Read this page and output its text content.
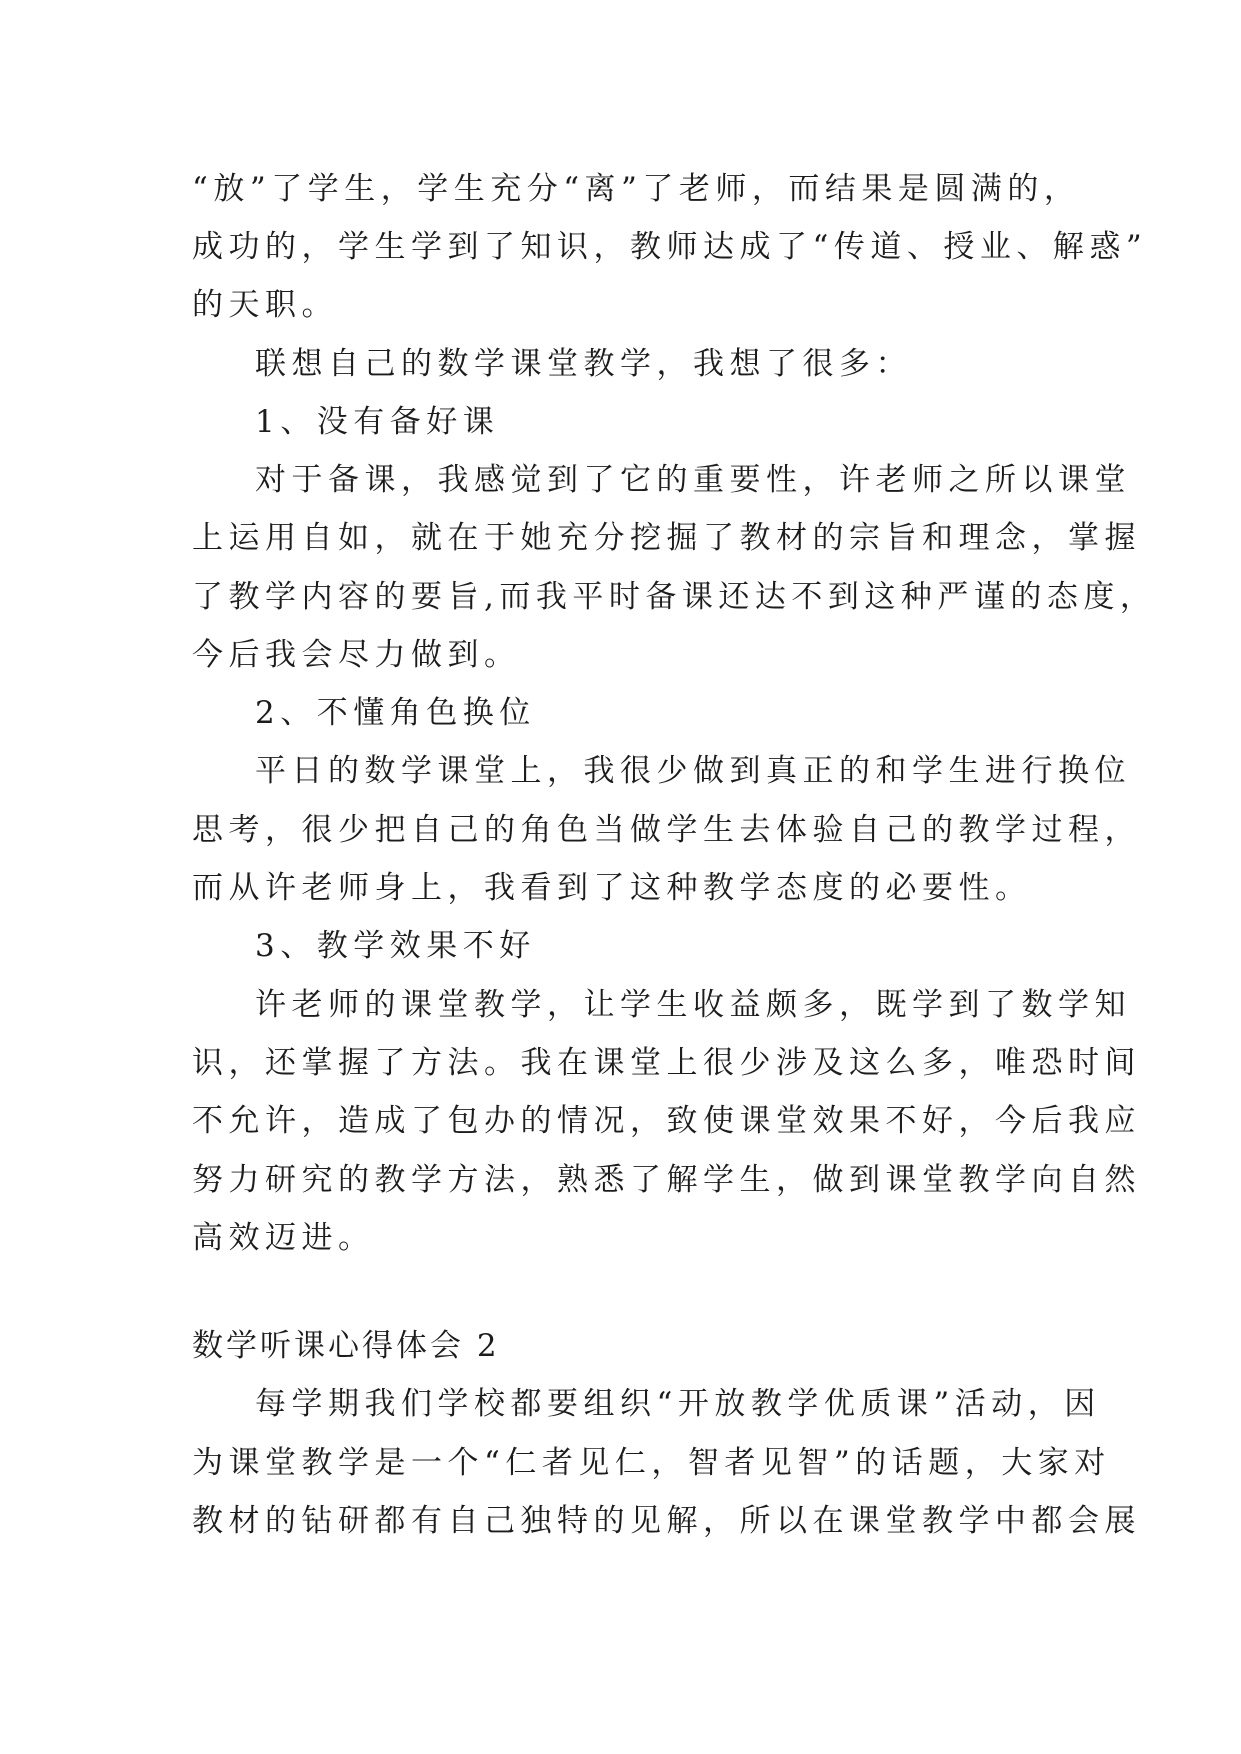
“放”了学生，学生充分“离”了老师，而结果是圆满的，
成功的，学生学到了知识，教师达成了“传道、授业、解惑”
的天职。
联想自己的数学课堂教学，我想了很多：
1、没有备好课
对于备课，我感觉到了它的重要性，许老师之所以课堂
上运用自如，就在于她充分挖掘了教材的宗旨和理念，掌握
了教学内容的要旨,而我平时备课还达不到这种严谨的态度，
今后我会尽力做到。
2、不懂角色换位
平日的数学课堂上，我很少做到真正的和学生进行换位
思考，很少把自己的角色当做学生去体验自己的教学过程，
而从许老师身上，我看到了这种教学态度的必要性。
3、教学效果不好
许老师的课堂教学，让学生收益颇多，既学到了数学知
识，还掌握了方法。我在课堂上很少涉及这么多，唯恐时间
不允许，造成了包办的情况，致使课堂效果不好，今后我应
努力研究的教学方法，熟悉了解学生，做到课堂教学向自然
高效迈进。
数学听课心得体会 2
每学期我们学校都要组织“开放教学优质课”活动，因
为课堂教学是一个“仁者见仁，智者见智”的话题，大家对
教材的钻研都有自己独特的见解，所以在课堂教学中都会展
